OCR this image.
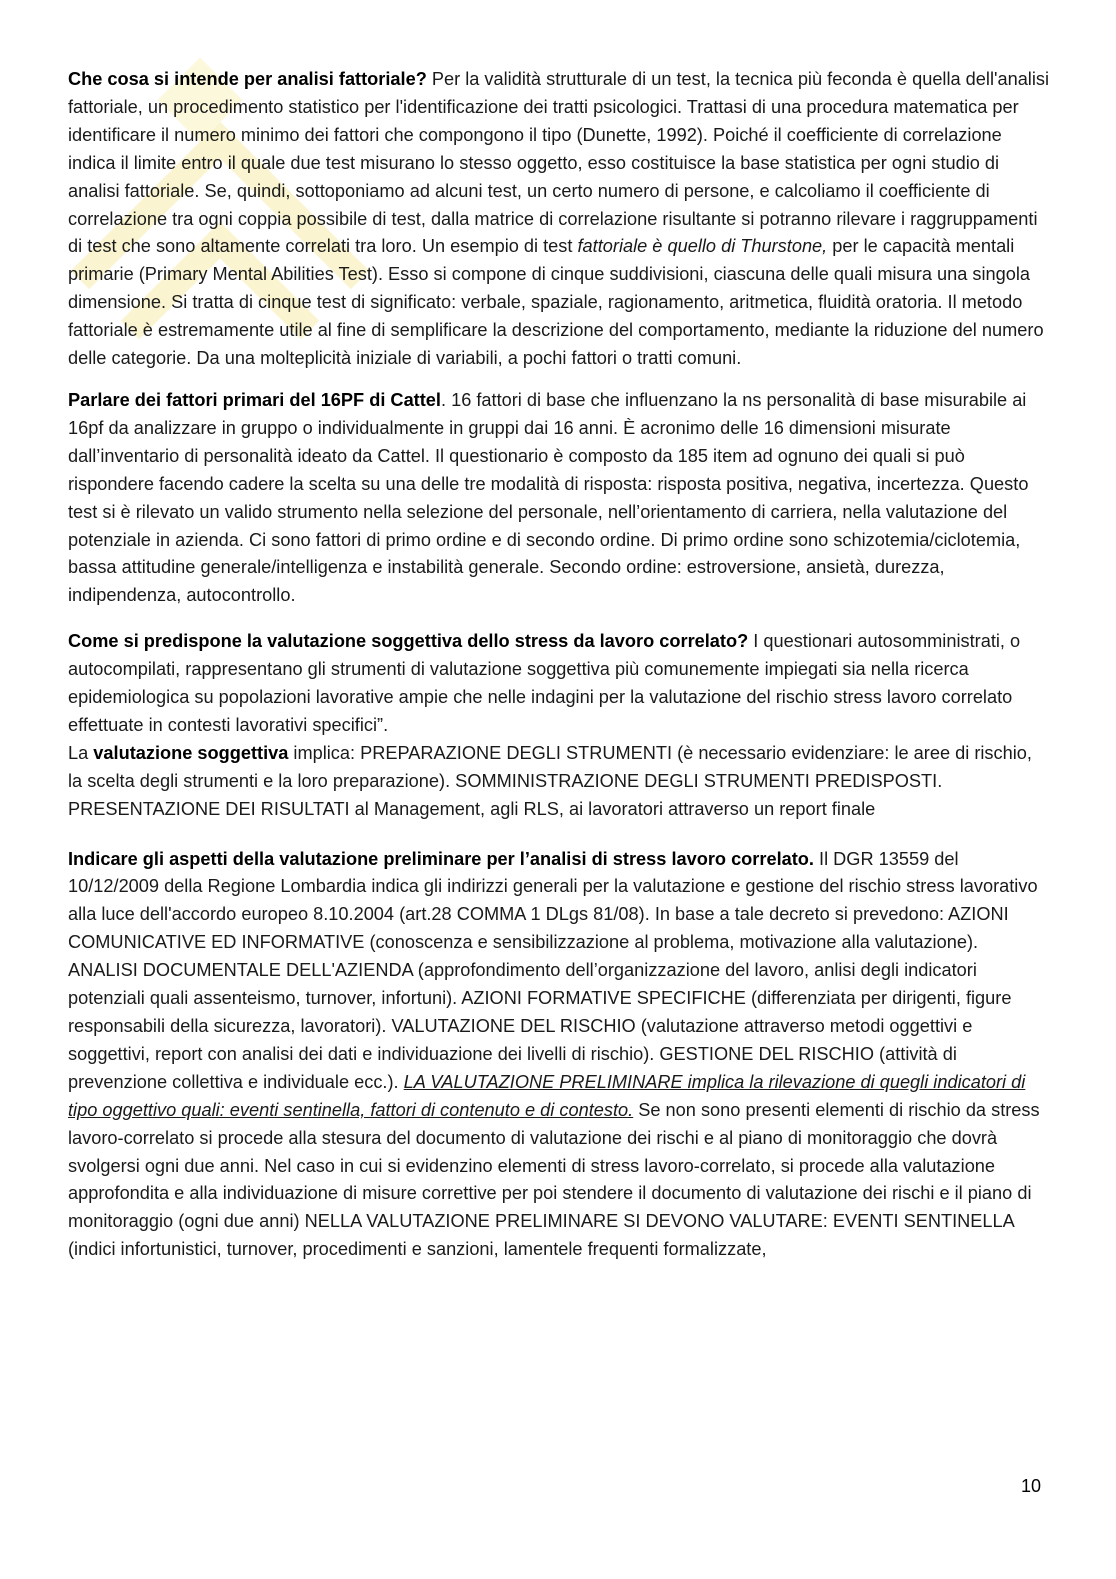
Che cosa si intende per analisi fattoriale? Per la validità strutturale di un test, la tecnica più feconda è quella dell'analisi fattoriale, un procedimento statistico per l'identificazione dei tratti psicologici. Trattasi di una procedura matematica per identificare il numero minimo dei fattori che compongono il tipo (Dunette, 1992). Poiché il coefficiente di correlazione indica il limite entro il quale due test misurano lo stesso oggetto, esso costituisce la base statistica per ogni studio di analisi fattoriale. Se, quindi, sottoponiamo ad alcuni test, un certo numero di persone, e calcoliamo il coefficiente di correlazione tra ogni coppia possibile di test, dalla matrice di correlazione risultante si potranno rilevare i raggruppamenti di test che sono altamente correlati tra loro. Un esempio di test fattoriale è quello di Thurstone, per le capacità mentali primarie (Primary Mental Abilities Test). Esso si compone di cinque suddivisioni, ciascuna delle quali misura una singola dimensione. Si tratta di cinque test di significato: verbale, spaziale, ragionamento, aritmetica, fluidità oratoria. Il metodo fattoriale è estremamente utile al fine di semplificare la descrizione del comportamento, mediante la riduzione del numero delle categorie. Da una molteplicità iniziale di variabili, a pochi fattori o tratti comuni.

Parlare dei fattori primari del 16PF di Cattel. 16 fattori di base che influenzano la ns personalità di base misurabile ai 16pf da analizzare in gruppo o individualmente in gruppi dai 16 anni. È acronimo delle 16 dimensioni misurate dall’inventario di personalità ideato da Cattel. Il questionario è composto da 185 item ad ognuno dei quali si può rispondere facendo cadere la scelta su una delle tre modalità di risposta: risposta positiva, negativa, incertezza. Questo test si è rilevato un valido strumento nella selezione del personale, nell’orientamento di carriera, nella valutazione del potenziale in azienda. Ci sono fattori di primo ordine e di secondo ordine. Di primo ordine sono schizotemia/ciclotemia, bassa attitudine generale/intelligenza e instabilità generale. Secondo ordine: estroversione, ansietà, durezza, indipendenza, autocontrollo.

Come si predispone la valutazione soggettiva dello stress da lavoro correlato? I questionari autosomministrati, o autocompilati, rappresentano gli strumenti di valutazione soggettiva più comunemente impiegati sia nella ricerca epidemiologica su popolazioni lavorative ampie che nelle indagini per la valutazione del rischio stress lavoro correlato effettuate in contesti lavorativi specifici”.
La valutazione soggettiva implica: PREPARAZIONE DEGLI STRUMENTI (è necessario evidenziare: le aree di rischio, la scelta degli strumenti e la loro preparazione). SOMMINISTRAZIONE DEGLI STRUMENTI PREDISPOSTI. PRESENTAZIONE DEI RISULTATI al Management, agli RLS, ai lavoratori attraverso un report finale

Indicare gli aspetti della valutazione preliminare per l’analisi di stress lavoro correlato. Il DGR 13559 del 10/12/2009 della Regione Lombardia indica gli indirizzi generali per la valutazione e gestione del rischio stress lavorativo alla luce dell'accordo europeo 8.10.2004 (art.28 COMMA 1 DLgs 81/08). In base a tale decreto si prevedono: AZIONI COMUNICATIVE ED INFORMATIVE (conoscenza e sensibilizzazione al problema, motivazione alla valutazione). ANALISI DOCUMENTALE DELL'AZIENDA (approfondimento dell’organizzazione del lavoro, anlisi degli indicatori potenziali quali assenteismo, turnover, infortuni). AZIONI FORMATIVE SPECIFICHE (differenziata per dirigenti, figure responsabili della sicurezza, lavoratori). VALUTAZIONE DEL RISCHIO (valutazione attraverso metodi oggettivi e soggettivi, report con analisi dei dati e individuazione dei livelli di rischio). GESTIONE DEL RISCHIO (attività di prevenzione collettiva e individuale ecc.). LA VALUTAZIONE PRELIMINARE implica la rilevazione di quegli indicatori di tipo oggettivo quali: eventi sentinella, fattori di contenuto e di contesto. Se non sono presenti elementi di rischio da stress lavoro-correlato si procede alla stesura del documento di valutazione dei rischi e al piano di monitoraggio che dovrà svolgersi ogni due anni. Nel caso in cui si evidenzino elementi di stress lavoro-correlato, si procede alla valutazione approfondita e alla individuazione di misure correttive per poi stendere il documento di valutazione dei rischi e il piano di monitoraggio (ogni due anni) NELLA VALUTAZIONE PRELIMINARE SI DEVONO VALUTARE: EVENTI SENTINELLA (indici infortunistici, turnover, procedimenti e sanzioni, lamentele frequenti formalizzate,

10
